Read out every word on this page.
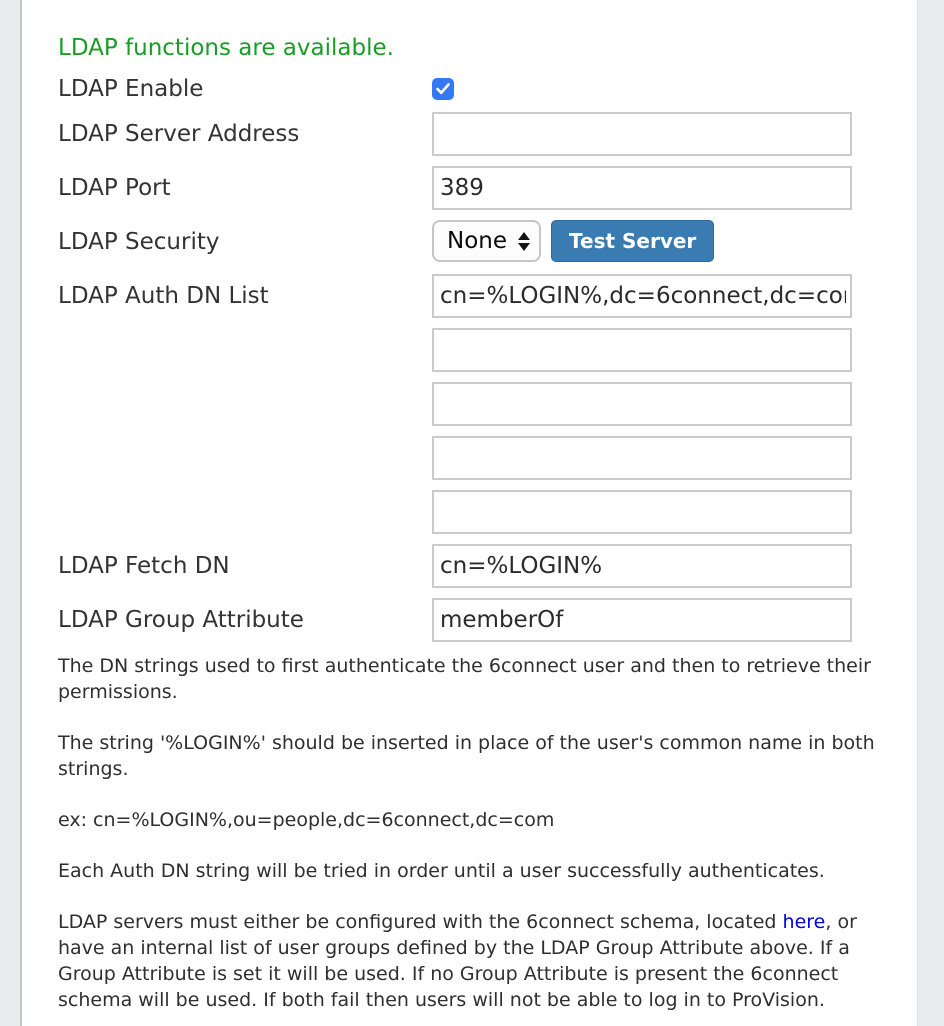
LDAP functions are available.

LDAP Enable
LDAP Server Address
LDAP Port
389
LDAP Security	None	Test Server
LDAP Auth DN List
cn=%LOGIN%,dc=6connect,dc=com
LDAP Fetch DN
cn=%LOGIN%
LDAP Group Attribute
memberOf

The DN strings used to first authenticate the 6connect user and then to retrieve their permissions.

The string '%LOGIN%' should be inserted in place of the user's common name in both strings.

ex: cn=%LOGIN%,ou=people,dc=6connect,dc=com

Each Auth DN string will be tried in order until a user successfully authenticates.

LDAP servers must either be configured with the 6connect schema, located here, or have an internal list of user groups defined by the LDAP Group Attribute above. If a Group Attribute is set it will be used. If no Group Attribute is present the 6connect schema will be used. If both fail then users will not be able to log in to ProVision.
